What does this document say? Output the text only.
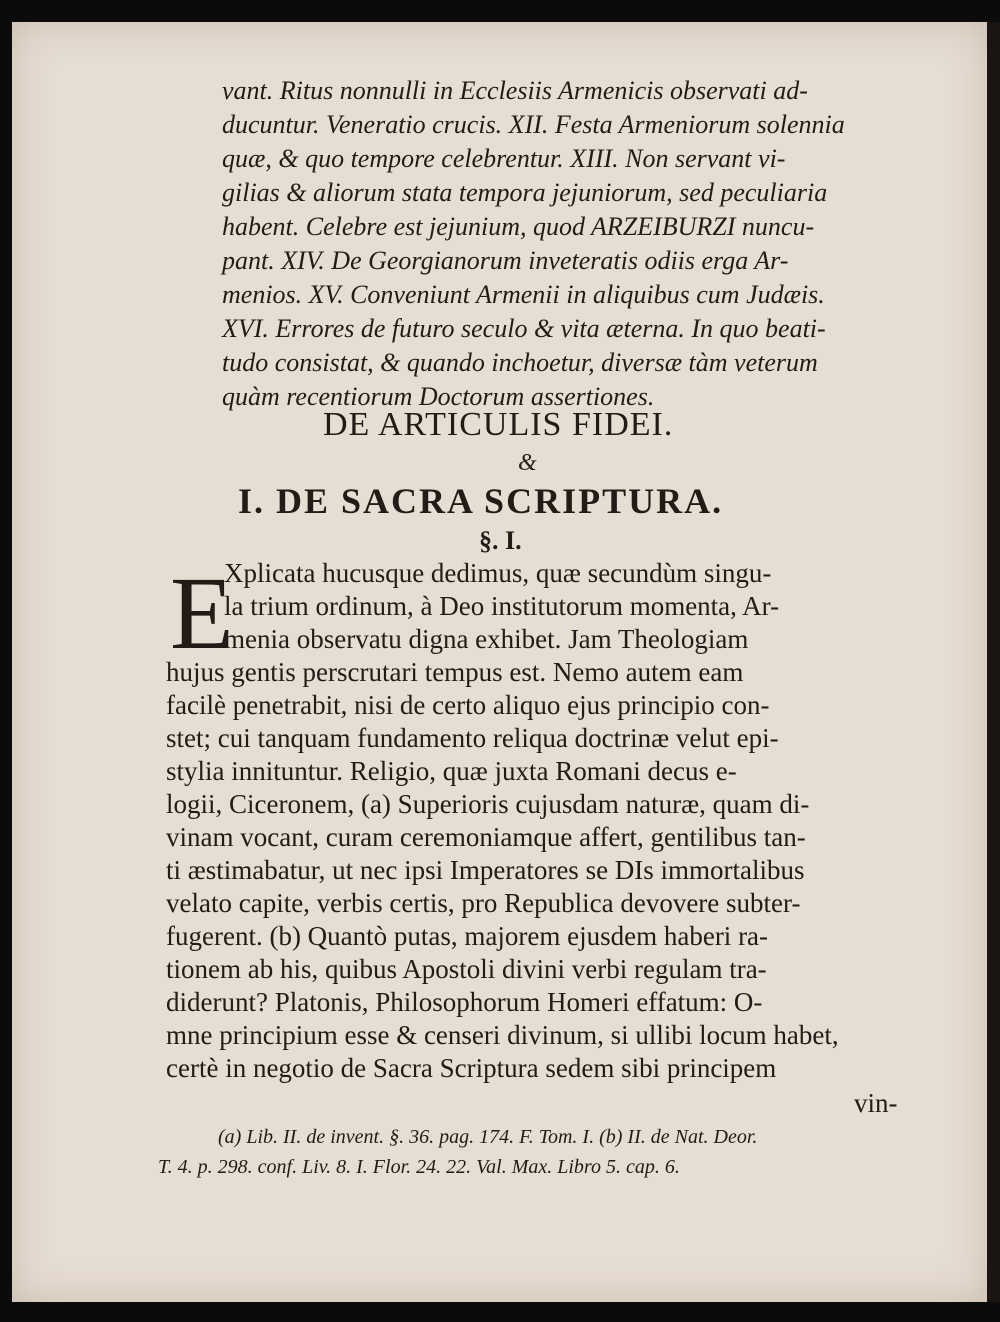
vant. Ritus nonnulli in Ecclesiis Armenicis observati ad-
ducuntur. Veneratio crucis. XII. Festa Armeniorum solennia
quæ, & quo tempore celebrentur. XIII. Non servant vi-
gilias & aliorum stata tempora jejuniorum, sed peculiaria
habent. Celebre est jejunium, quod ARZEIBURZI nuncu-
pant. XIV. De Georgianorum inveteratis odiis erga Ar-
menios. XV. Conveniunt Armenii in aliquibus cum Judæis.
XVI. Errores de futuro seculo & vita æterna. In quo beati-
tudo consistat, & quando inchoetur, diversæ tàm veterum
quàm recentiorum Doctorum assertiones.
DE ARTICULIS FIDEI.
&
I. DE SACRA SCRIPTURA.
§. I.
E
Xplicata hucusque dedimus, quæ secundùm singu-
la trium ordinum, à Deo institutorum momenta, Ar-
menia observatu digna exhibet. Jam Theologiam
hujus gentis perscrutari tempus est. Nemo autem eam
facilè penetrabit, nisi de certo aliquo ejus principio con-
stet; cui tanquam fundamento reliqua doctrinæ velut epi-
stylia innituntur. Religio, quæ juxta Romani decus e-
logii, Ciceronem, (a) Superioris cujusdam naturæ, quam di-
vinam vocant, curam ceremoniamque affert, gentilibus tan-
ti æstimabatur, ut nec ipsi Imperatores se DIs immortalibus
velato capite, verbis certis, pro Republica devovere subter-
fugerent. (b) Quantò putas, majorem ejusdem haberi ra-
tionem ab his, quibus Apostoli divini verbi regulam tra-
diderunt? Platonis, Philosophorum Homeri effatum: O-
mne principium esse & censeri divinum, si ullibi locum habet,
certè in negotio de Sacra Scriptura sedem sibi principem
vin-
(a) Lib. II. de invent. §. 36. pag. 174. F. Tom. I. (b) II. de Nat. Deor.
T. 4. p. 298. conf. Liv. 8. I. Flor. 24. 22. Val. Max. Libro 5. cap. 6.
